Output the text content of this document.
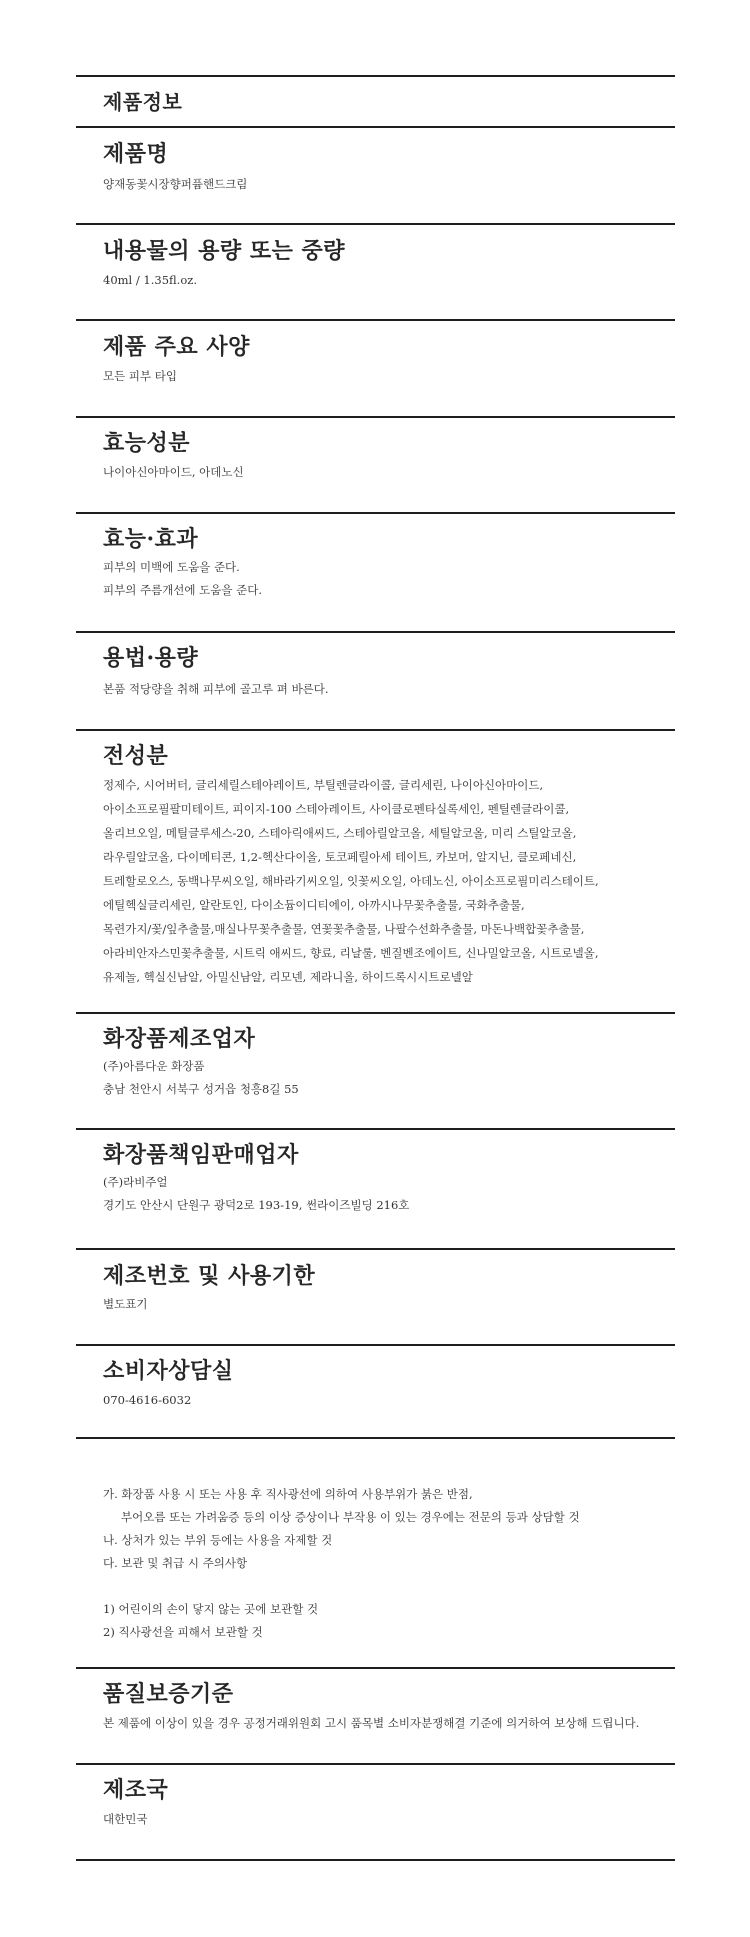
제품정보
제품명
양재동꽃시장향퍼퓸핸드크림
내용물의 용량 또는 중량
40ml / 1.35fl.oz.
제품 주요 사양
모든 피부 타입
효능성분
나이아신아마이드, 아데노신
효능·효과
피부의 미백에 도움을 준다.
피부의 주름개선에 도움을 준다.
용법·용량
본품 적당량을 취해 피부에 골고루 펴 바른다.
전성분
정제수, 시어버터, 글리세릴스테아레이트, 부틸렌글라이콜, 글리세린, 나이아신아마이드,
아이소프로필팔미테이트, 피이지-100 스테아레이트, 사이클로펜타실록세인, 펜틸렌글라이콜,
올리브오일, 메틸글루세스-20, 스테아릭애씨드, 스테아릴알코올, 세틸알코올, 미리 스틸알코올,
라우릴알코올, 다이메티콘, 1,2-헥산다이올, 토코페릴아세 테이트, 카보머, 알지닌, 클로페네신,
트레할로오스, 동백나무씨오일, 해바라기씨오일, 잇꽃씨오일, 아데노신, 아이소프로필미리스테이트,
에틸헥실글리세린, 알란토인, 다이소듐이디티에이, 아까시나무꽃추출물, 국화추출물,
목련가지/꽃/잎추출물,매실나무꽃추출물, 연꽃꽃추출물, 나팔수선화추출물, 마돈나백합꽃추출물,
아라비안자스민꽃추출물, 시트릭 애씨드, 향료, 리날룰, 벤질벤조에이트, 신나밀알코올, 시트로넬올,
유제놀, 헥실신남알, 아밀신남알, 리모넨, 제라니올, 하이드록시시트로넬알
화장품제조업자
(주)아름다운 화장품
충남 천안시 서북구 성거읍 청흥8길 55
화장품책임판매업자
(주)라비주얼
경기도 안산시 단원구 광덕2로 193-19, 썬라이즈빌딩 216호
제조번호 및 사용기한
별도표기
소비자상담실
070-4616-6032
가. 화장품 사용 시 또는 사용 후 직사광선에 의하여 사용부위가 붉은 반점,
부어오름 또는 가려움증 등의 이상 증상이나 부작용 이 있는 경우에는 전문의 등과 상담할 것
나. 상처가 있는 부위 등에는 사용을 자제할 것
다. 보관 및 취급 시 주의사항
1) 어린이의 손이 닿지 않는 곳에 보관할 것
2) 직사광선을 피해서 보관할 것
품질보증기준
본 제품에 이상이 있을 경우 공정거래위원회 고시 품목별 소비자분쟁해결 기준에 의거하여 보상해 드립니다.
제조국
대한민국
